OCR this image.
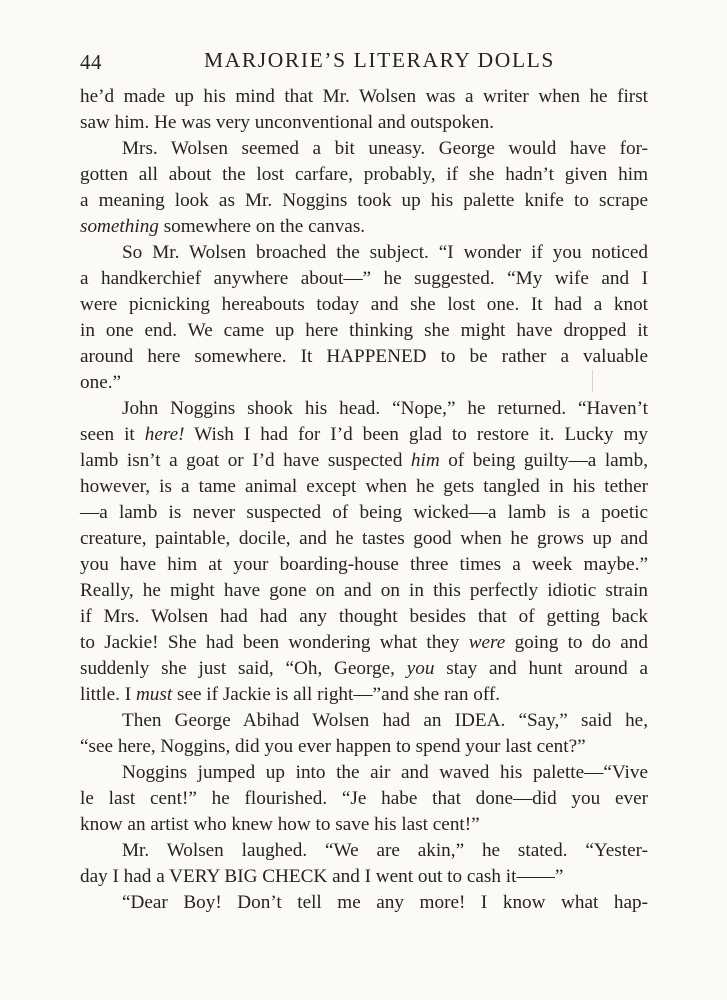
44	MARJORIE’S LITERARY DOLLS
he’d made up his mind that Mr. Wolsen was a writer when he first
saw him. He was very unconventional and outspoken.
Mrs. Wolsen seemed a bit uneasy. George would have for-
gotten all about the lost carfare, probably, if she hadn’t given him
a meaning look as Mr. Noggins took up his palette knife to scrape
something somewhere on the canvas.
So Mr. Wolsen broached the subject. “I wonder if you noticed
a handkerchief anywhere about—” he suggested. “My wife and I
were picnicking hereabouts today and she lost one. It had a knot
in one end. We came up here thinking she might have dropped it
around here somewhere. It HAPPENED to be rather a valuable
one.”
John Noggins shook his head. “Nope,” he returned. “Haven’t
seen it here! Wish I had for I’d been glad to restore it. Lucky my
lamb isn’t a goat or I’d have suspected him of being guilty—a lamb,
however, is a tame animal except when he gets tangled in his tether
—a lamb is never suspected of being wicked—a lamb is a poetic
creature, paintable, docile, and he tastes good when he grows up and
you have him at your boarding-house three times a week maybe.”
Really, he might have gone on and on in this perfectly idiotic strain
if Mrs. Wolsen had had any thought besides that of getting back
to Jackie! She had been wondering what they were going to do and
suddenly she just said, “Oh, George, you stay and hunt around a
little. I must see if Jackie is all right—”and she ran off.
Then George Abihad Wolsen had an IDEA. “Say,” said he,
“see here, Noggins, did you ever happen to spend your last cent?”
Noggins jumped up into the air and waved his palette—“Vive
le last cent!” he flourished. “Je habe that done—did you ever
know an artist who knew how to save his last cent!”
Mr. Wolsen laughed. “We are akin,” he stated. “Yester-
day I had a VERY BIG CHECK and I went out to cash it——”
“Dear Boy! Don’t tell me any more! I know what hap-
